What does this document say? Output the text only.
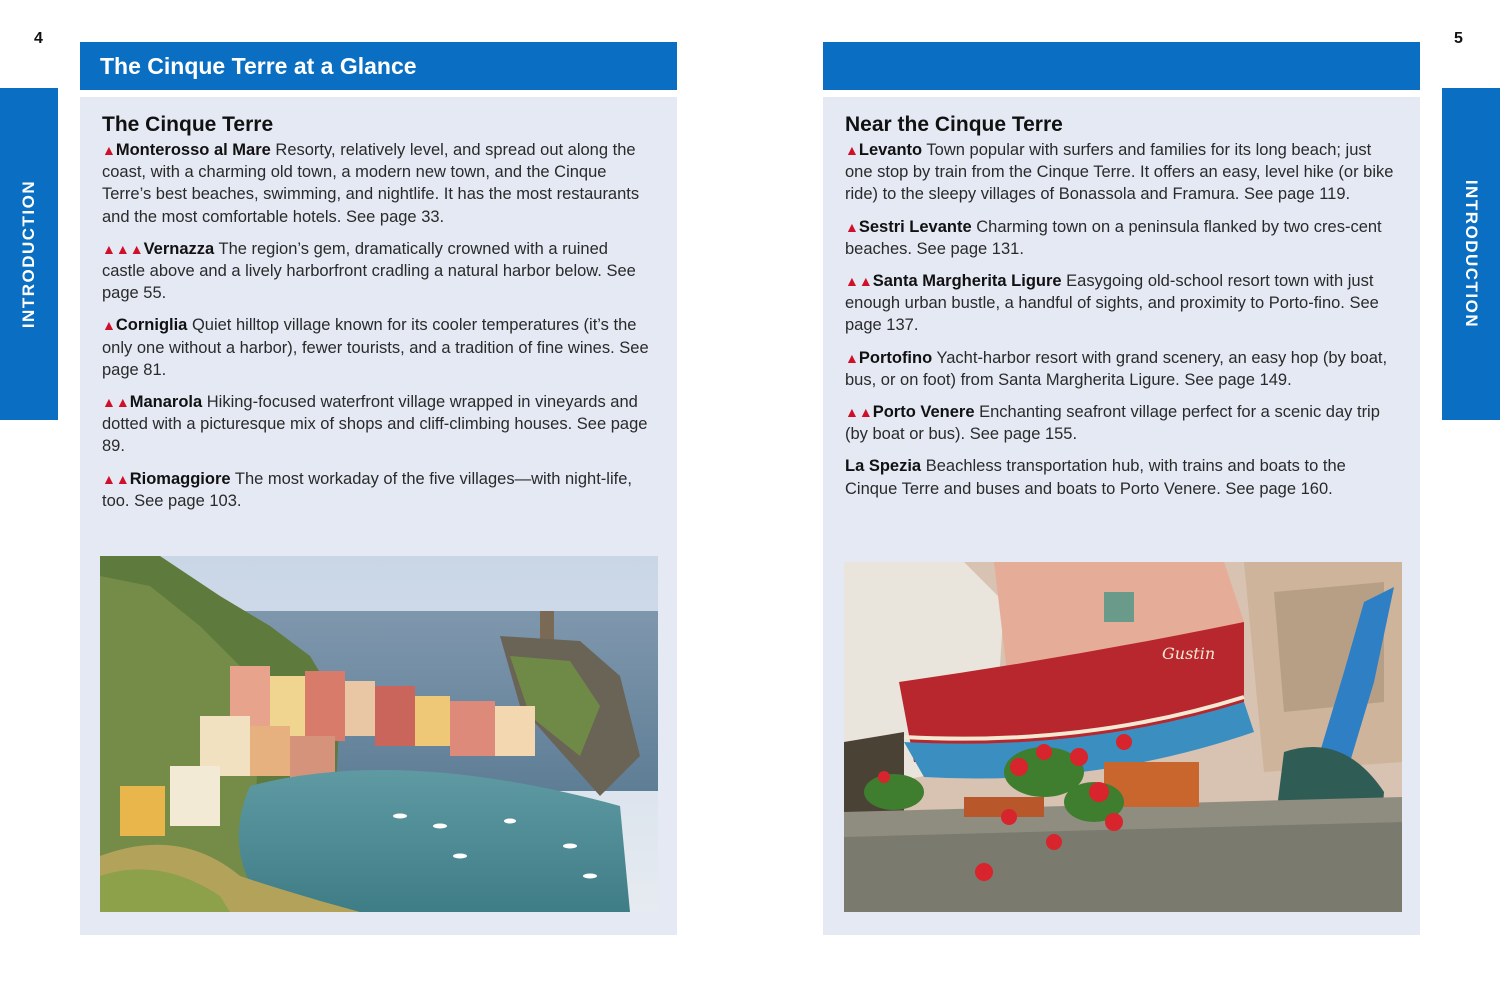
4	5
INTRODUCTION	INTRODUCTION
The Cinque Terre at a Glance
The Cinque Terre

▲Monterosso al Mare Resorty, relatively level, and spread out along the coast, with a charming old town, a modern new town, and the Cinque Terre’s best beaches, swimming, and nightlife. It has the most restaurants and the most comfortable hotels. See page 33.

▲▲▲Vernazza The region’s gem, dramatically crowned with a ruined castle above and a lively harborfront cradling a natural harbor below. See page 55.

▲Corniglia Quiet hilltop village known for its cooler temperatures (it’s the only one without a harbor), fewer tourists, and a tradition of fine wines. See page 81.

▲▲Manarola Hiking-focused waterfront village wrapped in vineyards and dotted with a picturesque mix of shops and cliff-climbing houses. See page 89.

▲▲Riomaggiore The most workaday of the five villages—with night-life, too. See page 103.

Near the Cinque Terre

▲Levanto Town popular with surfers and families for its long beach; just one stop by train from the Cinque Terre. It offers an easy, level hike (or bike ride) to the sleepy villages of Bonassola and Framura. See page 119.

▲Sestri Levante Charming town on a peninsula flanked by two cres-cent beaches. See page 131.

▲▲Santa Margherita Ligure Easygoing old-school resort town with just enough urban bustle, a handful of sights, and proximity to Porto-fino. See page 137.

▲Portofino Yacht-harbor resort with grand scenery, an easy hop (by boat, bus, or on foot) from Santa Margherita Ligure. See page 149.

▲▲Porto Venere Enchanting seafront village perfect for a scenic day trip (by boat or bus). See page 155.

La Spezia Beachless transportation hub, with trains and boats to the Cinque Terre and buses and boats to Porto Venere. See page 160.

Gustin
